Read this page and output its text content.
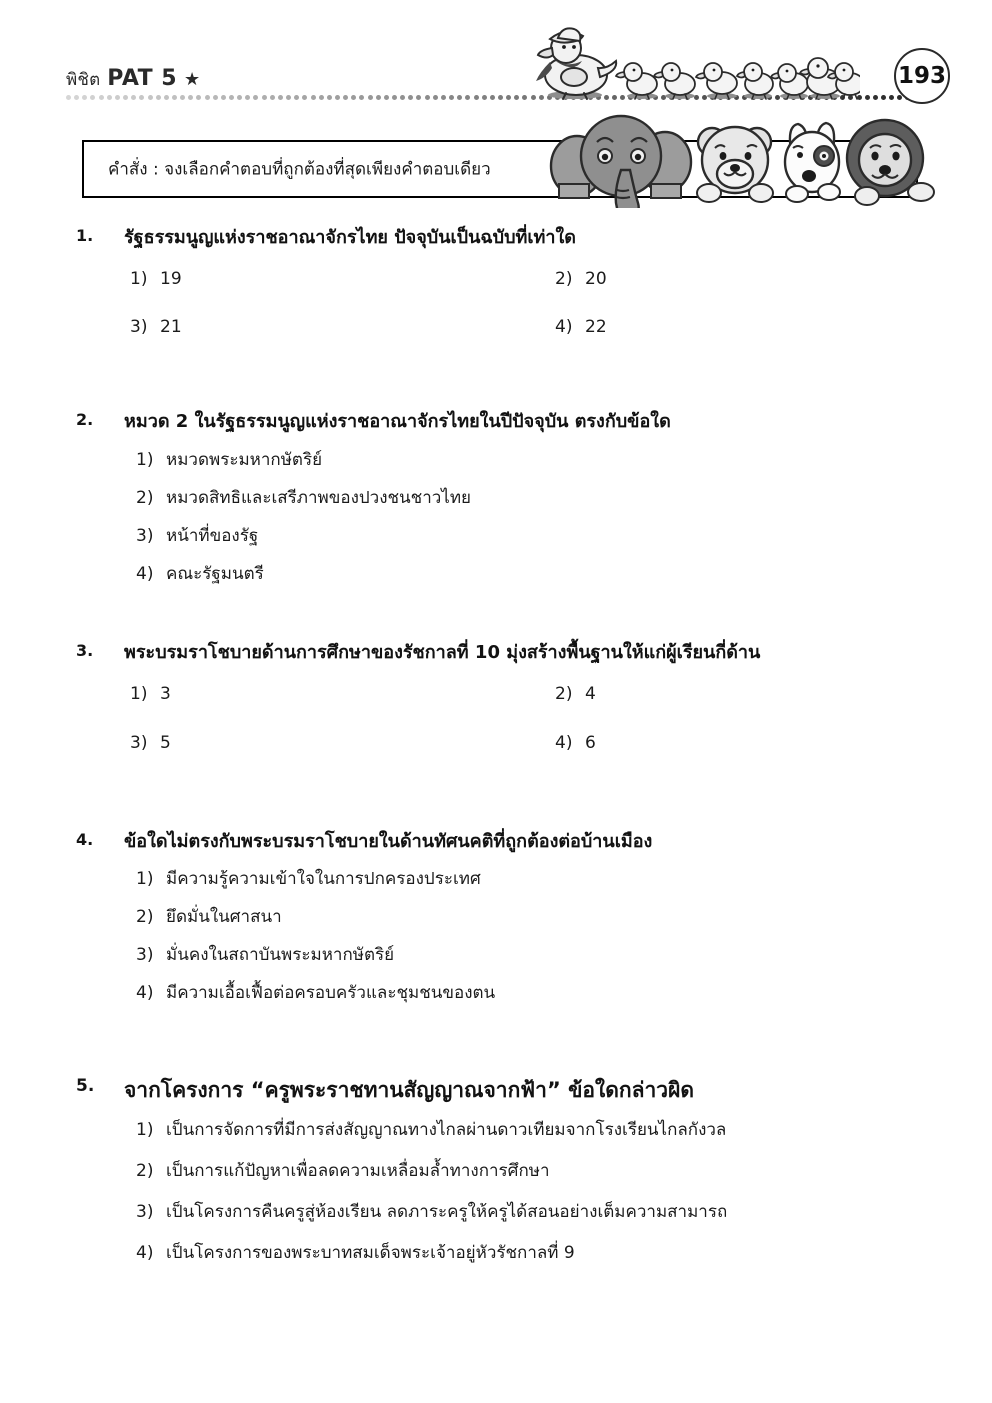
พิชิต PAT 5 ★	193
คำสั่ง : จงเลือกคำตอบที่ถูกต้องที่สุดเพียงคำตอบเดียว
1.	รัฐธรรมนูญแห่งราชอาณาจักรไทย ปัจจุบันเป็นฉบับที่เท่าใด
1) 19	2) 20
3) 21	4) 22
2.	หมวด 2 ในรัฐธรรมนูญแห่งราชอาณาจักรไทยในปีปัจจุบัน ตรงกับข้อใด
1) หมวดพระมหากษัตริย์
2) หมวดสิทธิและเสรีภาพของปวงชนชาวไทย
3) หน้าที่ของรัฐ
4) คณะรัฐมนตรี
3.	พระบรมราโชบายด้านการศึกษาของรัชกาลที่ 10 มุ่งสร้างพื้นฐานให้แก่ผู้เรียนกี่ด้าน
1) 3	2) 4
3) 5	4) 6
4.	ข้อใดไม่ตรงกับพระบรมราโชบายในด้านทัศนคติที่ถูกต้องต่อบ้านเมือง
1) มีความรู้ความเข้าใจในการปกครองประเทศ
2) ยึดมั่นในศาสนา
3) มั่นคงในสถาบันพระมหากษัตริย์
4) มีความเอื้อเฟื้อต่อครอบครัวและชุมชนของตน
5.	จากโครงการ “ครูพระราชทานสัญญาณจากฟ้า” ข้อใดกล่าวผิด
1) เป็นการจัดการที่มีการส่งสัญญาณทางไกลผ่านดาวเทียมจากโรงเรียนไกลกังวล
2) เป็นการแก้ปัญหาเพื่อลดความเหลื่อมล้ำทางการศึกษา
3) เป็นโครงการคืนครูสู่ห้องเรียน ลดภาระครูให้ครูได้สอนอย่างเต็มความสามารถ
4) เป็นโครงการของพระบาทสมเด็จพระเจ้าอยู่หัวรัชกาลที่ 9
